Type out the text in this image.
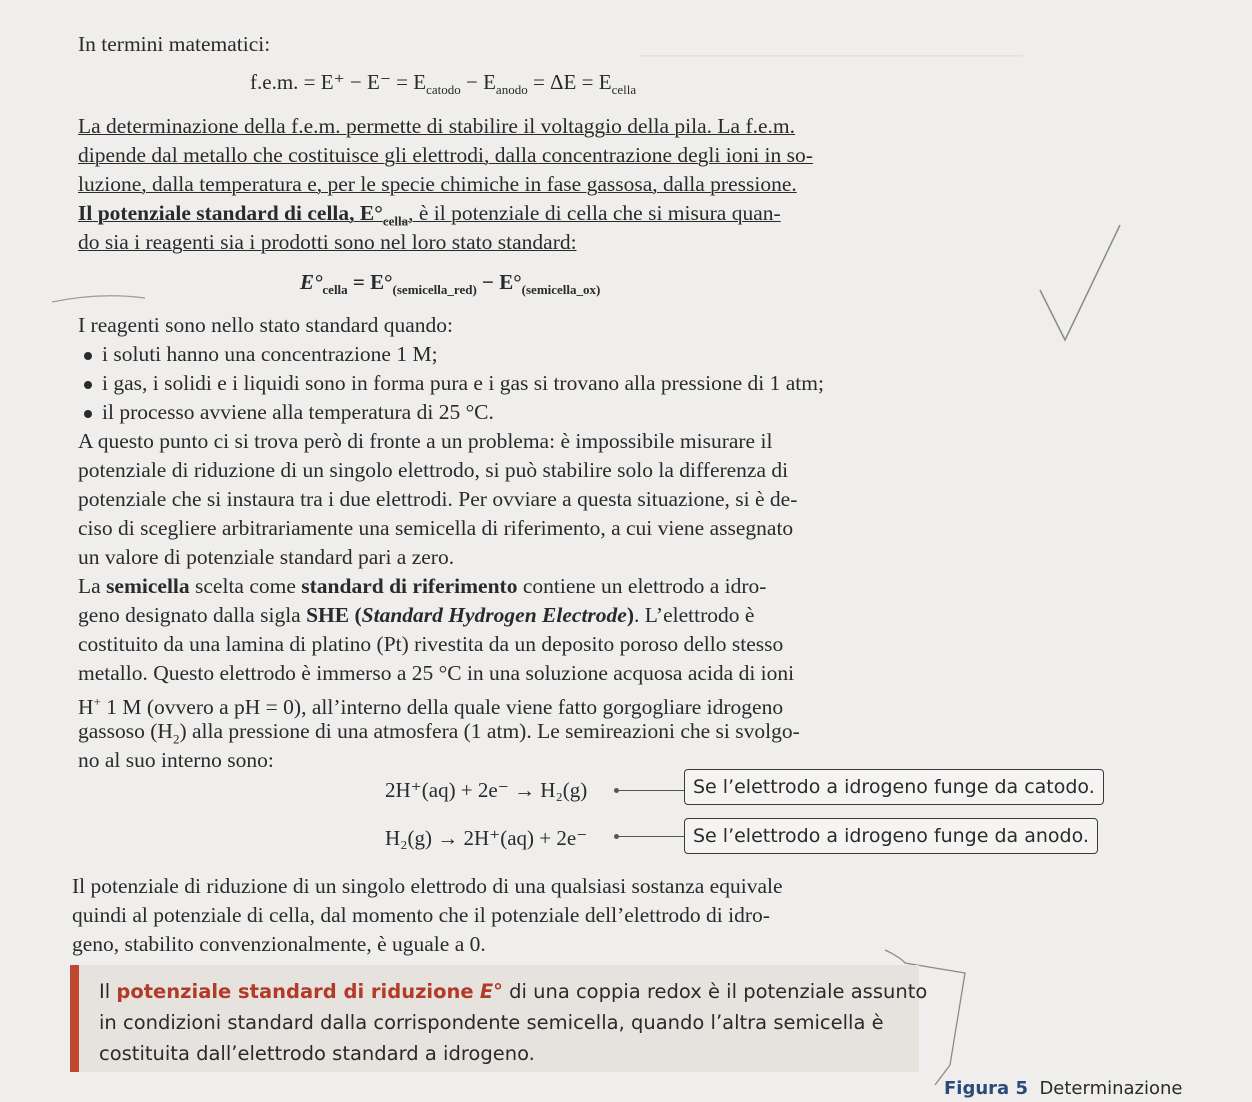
───────────────────────────
In termini matematici:
f.e.m. = $E^+ - E^- = E_{catodo} - E_{anodo} = \Delta E = E_{cella}$
La determinazione della f.e.m. permette di stabilire il voltaggio della pila. La f.e.m.
dipende dal metallo che costituisce gli elettrodi, dalla concentrazione degli ioni in so-
luzione, dalla temperatura e, per le specie chimiche in fase gassosa, dalla pressione.
Il potenziale standard di cella, $E^\circ_{cella}$, è il potenziale di cella che si misura quan-
do sia i reagenti sia i prodotti sono nel loro stato standard:
$E^\circ_{cella} = E^\circ_{(semicella\_red)} - E^\circ_{(semicella\_ox)}$
I reagenti sono nello stato standard quando:
i soluti hanno una concentrazione 1 M;
i gas, i solidi e i liquidi sono in forma pura e i gas si trovano alla pressione di 1 atm;
il processo avviene alla temperatura di 25 °C.
A questo punto ci si trova però di fronte a un problema: è impossibile misurare il
potenziale di riduzione di un singolo elettrodo, si può stabilire solo la differenza di
potenziale che si instaura tra i due elettrodi. Per ovviare a questa situazione, si è de-
ciso di scegliere arbitrariamente una semicella di riferimento, a cui viene assegnato
un valore di potenziale standard pari a zero.
La semicella scelta come standard di riferimento contiene un elettrodo a idro-
geno designato dalla sigla SHE (Standard Hydrogen Electrode). L’elettrodo è
costituito da una lamina di platino (Pt) rivestita da un deposito poroso dello stesso
metallo. Questo elettrodo è immerso a 25 °C in una soluzione acquosa acida di ioni
H+ 1 M (ovvero a pH = 0), all’interno della quale viene fatto gorgogliare idrogeno
gassoso $(H_2)$ alla pressione di una atmosfera (1 atm). Le semireazioni che si svolgo-
no al suo interno sono:
2H⁺(aq) + 2e⁻ → H₂(g)	Se l’elettrodo a idrogeno funge da catodo.
H₂(g) → 2H⁺(aq) + 2e⁻	Se l’elettrodo a idrogeno funge da anodo.
Il potenziale di riduzione di un singolo elettrodo di una qualsiasi sostanza equivale
quindi al potenziale di cella, dal momento che il potenziale dell’elettrodo di idro-
geno, stabilito convenzionalmente, è uguale a 0.
Il potenziale standard di riduzione E° di una coppia redox è il potenziale assunto
in condizioni standard dalla corrispondente semicella, quando l’altra semicella è
costituita dall’elettrodo standard a idrogeno.
Figura 5 Determinazione
